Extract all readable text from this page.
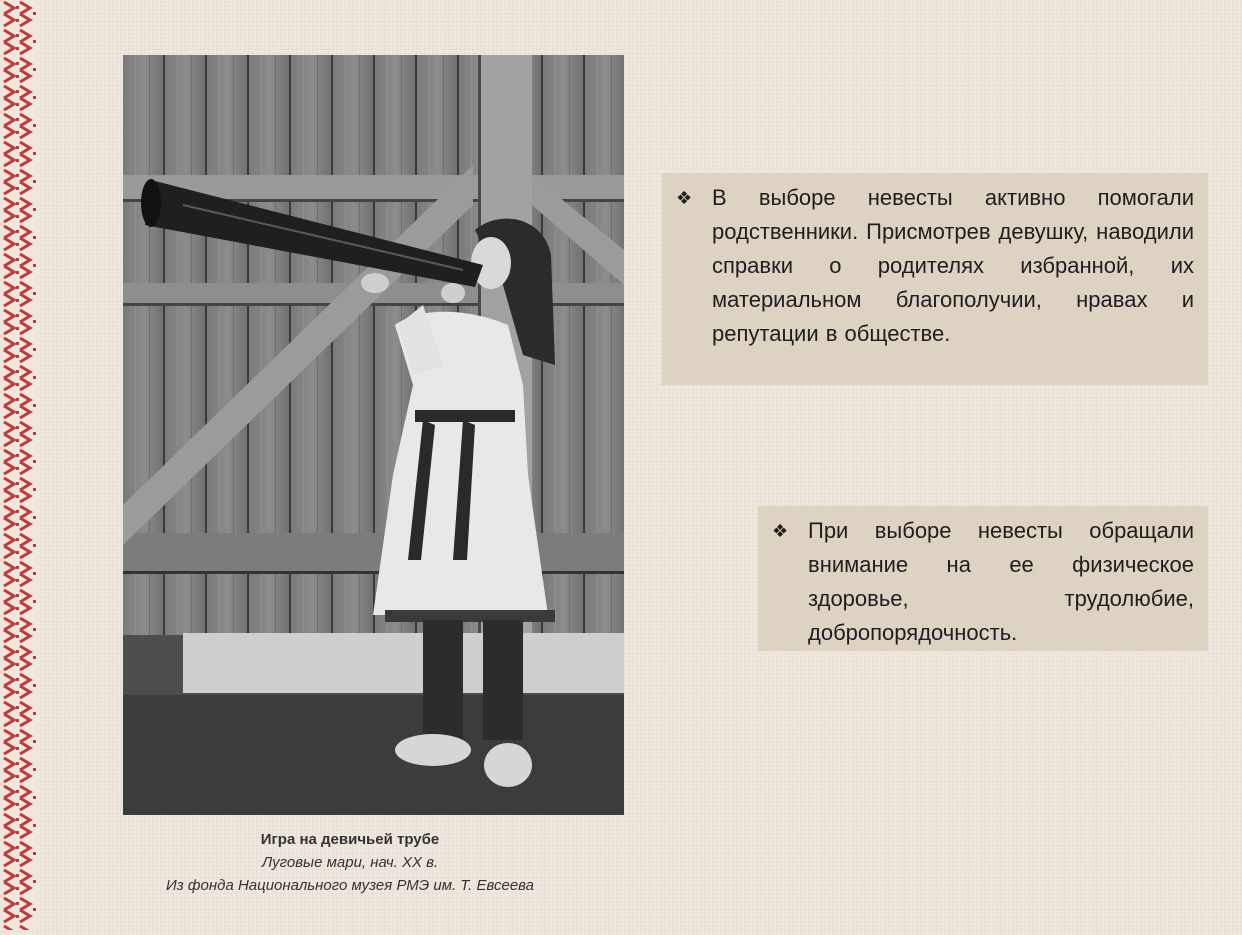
Игра на девичьей трубе
Луговые мари, нач. XX в.
Из фонда Национального музея РМЭ им. Т. Евсеева
❖ В выборе невесты активно помогали родственники. Присмотрев девушку, наводили справки о родителях избранной, их материальном благополучии, нравах и репутации в обществе.
❖ При выборе невесты обращали внимание на ее физическое здоровье, трудолюбие, добропорядочность.
